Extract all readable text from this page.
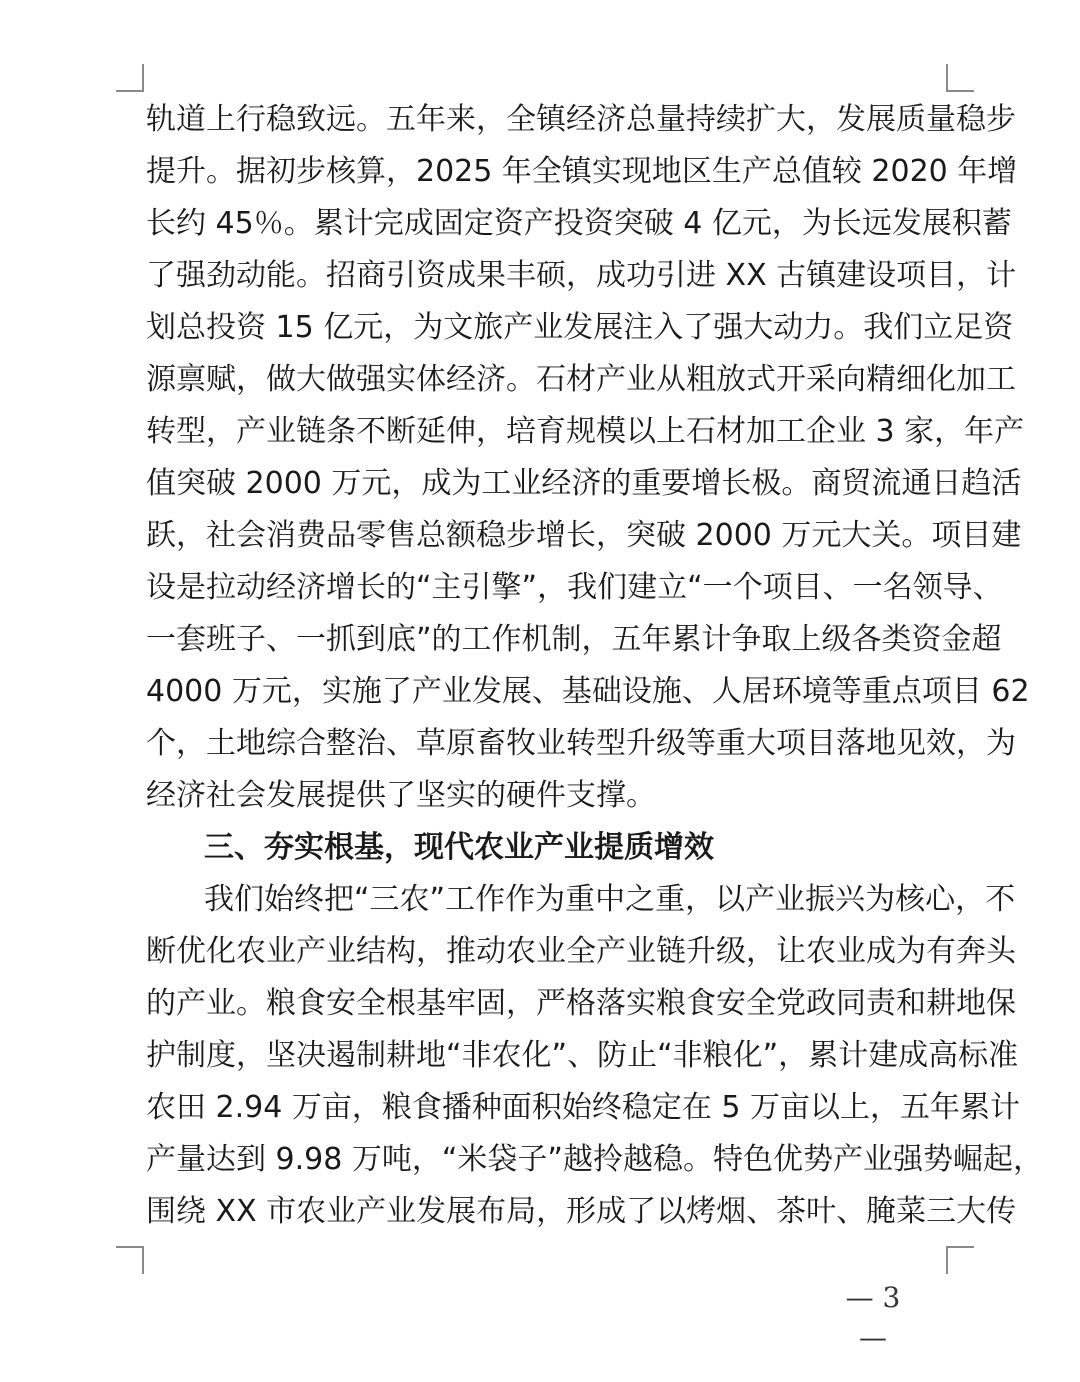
轨道上行稳致远。五年来，全镇经济总量持续扩大，发展质量稳步
提升。据初步核算，2025 年全镇实现地区生产总值较 2020 年增
长约 45％。累计完成固定资产投资突破 4 亿元，为长远发展积蓄
了强劲动能。招商引资成果丰硕，成功引进 XX 古镇建设项目，计
划总投资 15 亿元，为文旅产业发展注入了强大动力。我们立足资
源禀赋，做大做强实体经济。石材产业从粗放式开采向精细化加工
转型，产业链条不断延伸，培育规模以上石材加工企业 3 家，年产
值突破 2000 万元，成为工业经济的重要增长极。商贸流通日趋活
跃，社会消费品零售总额稳步增长，突破 2000 万元大关。项目建
设是拉动经济增长的“主引擎”，我们建立“一个项目、一名领导、
一套班子、一抓到底”的工作机制，五年累计争取上级各类资金超
4000 万元，实施了产业发展、基础设施、人居环境等重点项目 62
个，土地综合整治、草原畜牧业转型升级等重大项目落地见效，为
经济社会发展提供了坚实的硬件支撑。
三、夯实根基，现代农业产业提质增效
我们始终把“三农”工作作为重中之重，以产业振兴为核心，不
断优化农业产业结构，推动农业全产业链升级，让农业成为有奔头
的产业。粮食安全根基牢固，严格落实粮食安全党政同责和耕地保
护制度，坚决遏制耕地“非农化”、防止“非粮化”，累计建成高标准
农田 2.94 万亩，粮食播种面积始终稳定在 5 万亩以上，五年累计
产量达到 9.98 万吨，“米袋子”越拎越稳。特色优势产业强势崛起，
围绕 XX 市农业产业发展布局，形成了以烤烟、茶叶、腌菜三大传
— 3 —
